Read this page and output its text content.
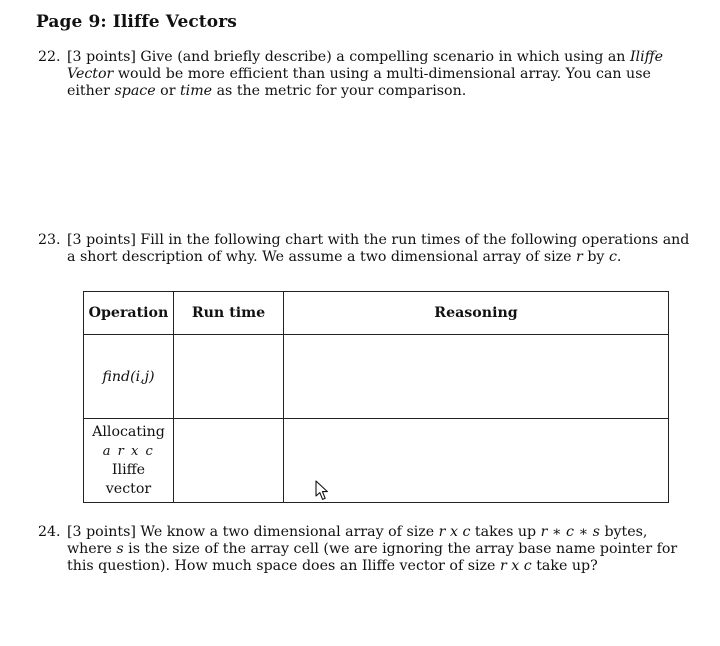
Page 9: Iliffe Vectors
22. [3 points] Give (and briefly describe) a compelling scenario in which using an Iliffe Vector would be more efficient than using a multi-dimensional array. You can use either space or time as the metric for your comparison.
23. [3 points] Fill in the following chart with the run times of the following operations and a short description of why. We assume a two dimensional array of size r by c.
Operation	Run time	Reasoning
find(i,j)		

Allocating
a r x c
Iliffe
vector		

24. [3 points] We know a two dimensional array of size r x c takes up r ∗ c ∗ s bytes, where s is the size of the array cell (we are ignoring the array base name pointer for this question). How much space does an Iliffe vector of size r x c take up?
